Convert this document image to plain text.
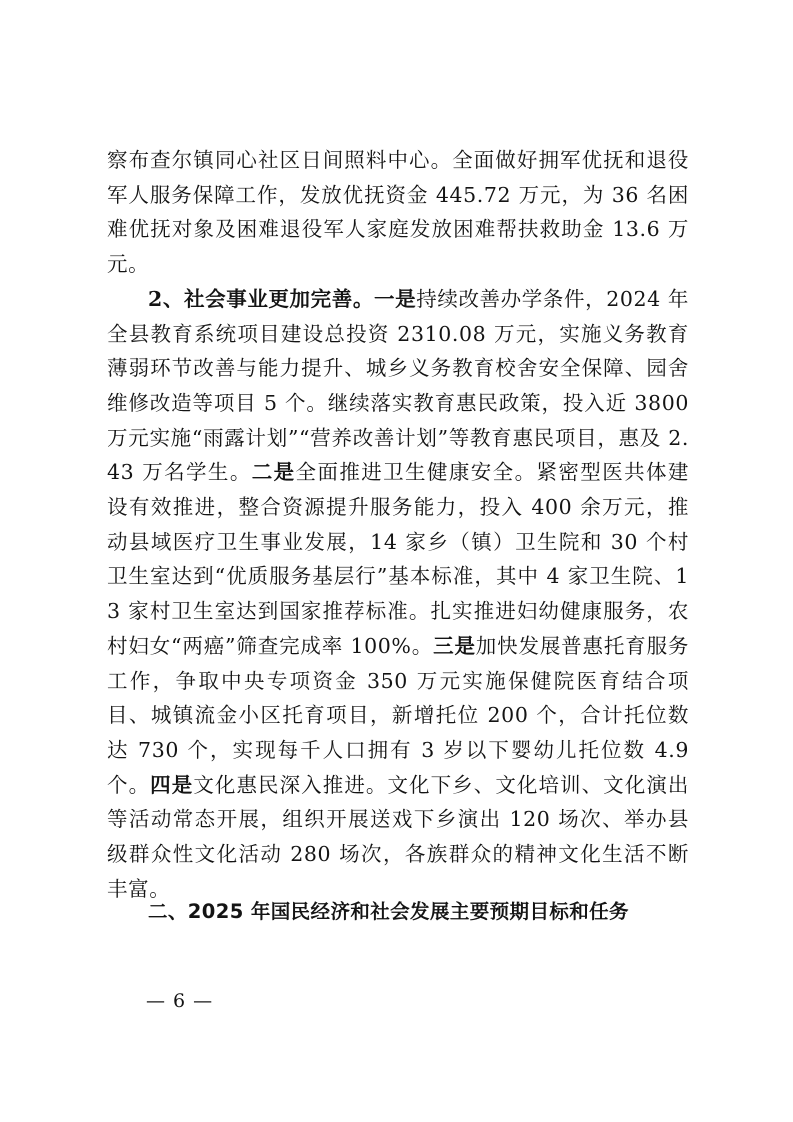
察布查尔镇同心社区日间照料中心。全面做好拥军优抚和退役军人服务保障工作，发放优抚资金 445.72 万元，为 36 名困难优抚对象及困难退役军人家庭发放困难帮扶救助金 13.6 万元。

2、社会事业更加完善。一是持续改善办学条件，2024 年全县教育系统项目建设总投资 2310.08 万元，实施义务教育薄弱环节改善与能力提升、城乡义务教育校舍安全保障、园舍维修改造等项目 5 个。继续落实教育惠民政策，投入近 3800 万元实施“雨露计划”“营养改善计划”等教育惠民项目，惠及 2.43 万名学生。二是全面推进卫生健康安全。紧密型医共体建设有效推进，整合资源提升服务能力，投入 400 余万元，推动县域医疗卫生事业发展，14 家乡（镇）卫生院和 30 个村卫生室达到“优质服务基层行”基本标准，其中 4 家卫生院、13 家村卫生室达到国家推荐标准。扎实推进妇幼健康服务，农村妇女“两癌”筛查完成率 100%。三是加快发展普惠托育服务工作，争取中央专项资金 350 万元实施保健院医育结合项目、城镇流金小区托育项目，新增托位 200 个，合计托位数达 730 个，实现每千人口拥有 3 岁以下婴幼儿托位数 4.9 个。四是文化惠民深入推进。文化下乡、文化培训、文化演出等活动常态开展，组织开展送戏下乡演出 120 场次、举办县级群众性文化活动 280 场次，各族群众的精神文化生活不断丰富。

二、2025 年国民经济和社会发展主要预期目标和任务
— 6 —
